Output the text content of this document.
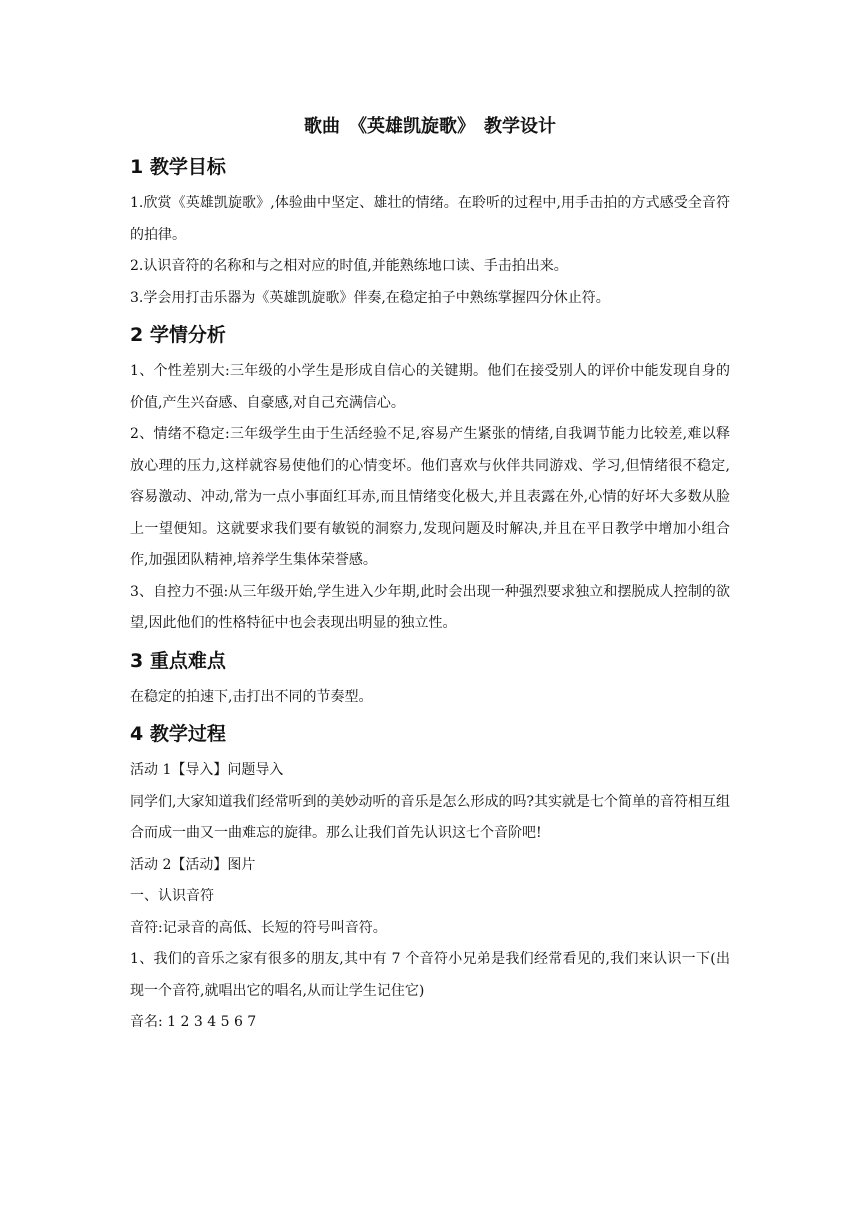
歌曲　《英雄凯旋歌》　教学设计
1 教学目标

1.欣赏《英雄凯旋歌》,体验曲中坚定、雄壮的情绪。在聆听的过程中,用手击拍的方式感受全音符的拍律。

2.认识音符的名称和与之相对应的时值,并能熟练地口读、手击拍出来。

3.学会用打击乐器为《英雄凯旋歌》伴奏,在稳定拍子中熟练掌握四分休止符。

2 学情分析

1、个性差别大:三年级的小学生是形成自信心的关键期。他们在接受别人的评价中能发现自身的价值,产生兴奋感、自豪感,对自己充满信心。

2、情绪不稳定:三年级学生由于生活经验不足,容易产生紧张的情绪,自我调节能力比较差,难以释放心理的压力,这样就容易使他们的心情变坏。他们喜欢与伙伴共同游戏、学习,但情绪很不稳定,容易激动、冲动,常为一点小事面红耳赤,而且情绪变化极大,并且表露在外,心情的好坏大多数从脸上一望便知。这就要求我们要有敏锐的洞察力,发现问题及时解决,并且在平日教学中增加小组合作,加强团队精神,培养学生集体荣誉感。

3、自控力不强:从三年级开始,学生进入少年期,此时会出现一种强烈要求独立和摆脱成人控制的欲望,因此他们的性格特征中也会表现出明显的独立性。

3 重点难点

在稳定的拍速下,击打出不同的节奏型。

4 教学过程

活动 1【导入】问题导入

同学们,大家知道我们经常听到的美妙动听的音乐是怎么形成的吗?其实就是七个简单的音符相互组合而成一曲又一曲难忘的旋律。那么让我们首先认识这七个音阶吧!

活动 2【活动】图片

一、认识音符

音符:记录音的高低、长短的符号叫音符。

1、我们的音乐之家有很多的朋友,其中有 7 个音符小兄弟是我们经常看见的,我们来认识一下(出现一个音符,就唱出它的唱名,从而让学生记住它)

音名: 1 2 3 4 5 6 7
